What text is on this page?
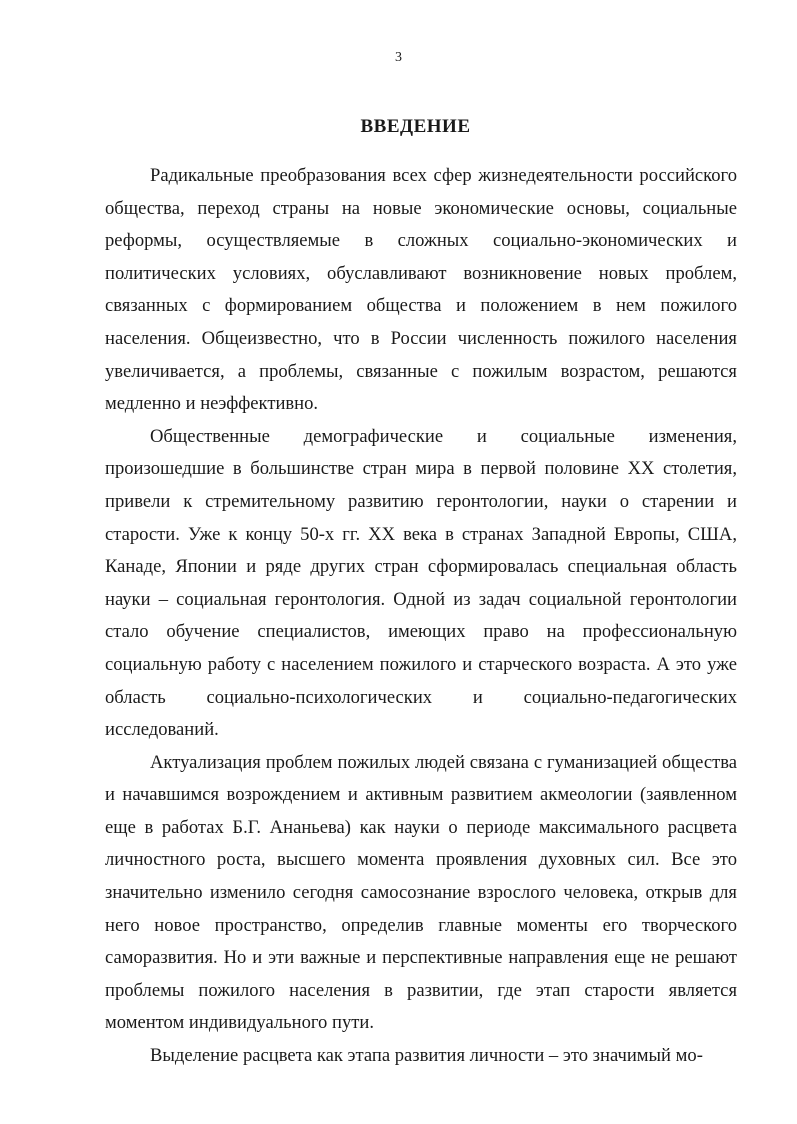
3
ВВЕДЕНИЕ

Радикальные преобразования всех сфер жизнедеятельности российского общества, переход страны на новые экономические основы, социальные реформы, осуществляемые в сложных социально-экономических и политических условиях, обуславливают возникновение новых проблем, связанных с формированием общества и положением в нем пожилого населения. Общеизвестно, что в России численность пожилого населения увеличивается, а проблемы, связанные с пожилым возрастом, решаются медленно и неэффективно.

Общественные демографические и социальные изменения, произошедшие в большинстве стран мира в первой половине XX столетия, привели к стремительному развитию геронтологии, науки о старении и старости. Уже к концу 50-х гг. XX века в странах Западной Европы, США, Канаде, Японии и ряде других стран сформировалась специальная область науки – социальная геронтология. Одной из задач социальной геронтологии стало обучение специалистов, имеющих право на профессиональную социальную работу с населением пожилого и старческого возраста. А это уже область социально-психологических и социально-педагогических исследований.

Актуализация проблем пожилых людей связана с гуманизацией общества и начавшимся возрождением и активным развитием акмеологии (заявленном еще в работах Б.Г. Ананьева) как науки о периоде максимального расцвета личностного роста, высшего момента проявления духовных сил. Все это значительно изменило сегодня самосознание взрослого человека, открыв для него новое пространство, определив главные моменты его творческого саморазвития. Но и эти важные и перспективные направления еще не решают проблемы пожилого населения в развитии, где этап старости является моментом индивидуального пути.

Выделение расцвета как этапа развития личности – это значимый мо-
